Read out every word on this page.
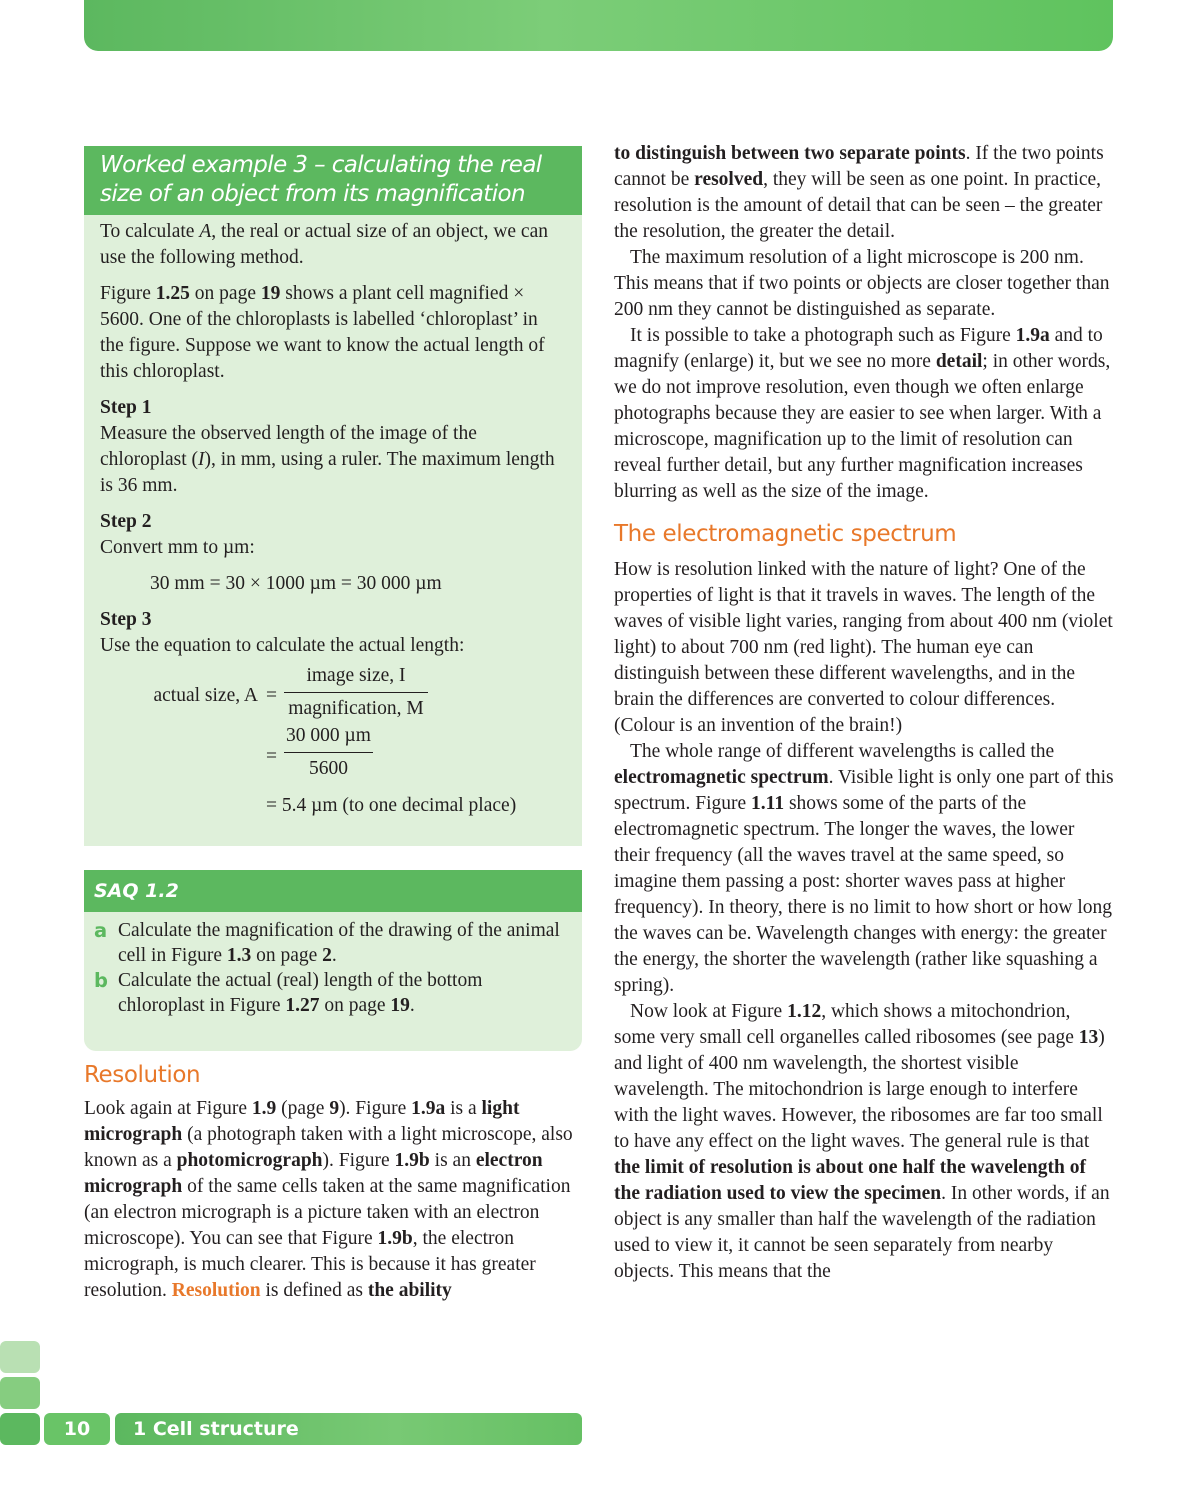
Worked example 3 – calculating the real size of an object from its magnification

To calculate A, the real or actual size of an object, we can use the following method.

Figure 1.25 on page 19 shows a plant cell magnified × 5600. One of the chloroplasts is labelled ‘chloroplast’ in the figure. Suppose we want to know the actual length of this chloroplast.

Step 1

Measure the observed length of the image of the chloroplast (I), in mm, using a ruler. The maximum length is 36 mm.

Step 2

Convert mm to µm:

30 mm = 30 × 1000 µm = 30 000 µm

Step 3

Use the equation to calculate the actual length:

actual size, A =
image size, I
magnification, M
=
30 000 µm
5600
= 5.4 µm (to one decimal place)
SAQ 1.2
a Calculate the magnification of the drawing of the animal cell in Figure 1.3 on page 2.
b Calculate the actual (real) length of the bottom chloroplast in Figure 1.27 on page 19.
Resolution

Look again at Figure 1.9 (page 9). Figure 1.9a is a light micrograph (a photograph taken with a light microscope, also known as a photomicrograph). Figure 1.9b is an electron micrograph of the same cells taken at the same magnification (an electron micrograph is a picture taken with an electron microscope). You can see that Figure 1.9b, the electron micrograph, is much clearer. This is because it has greater resolution. Resolution is defined as the ability

to distinguish between two separate points. If the two points cannot be resolved, they will be seen as one point. In practice, resolution is the amount of detail that can be seen – the greater the resolution, the greater the detail.

The maximum resolution of a light microscope is 200 nm. This means that if two points or objects are closer together than 200 nm they cannot be distinguished as separate.

It is possible to take a photograph such as Figure 1.9a and to magnify (enlarge) it, but we see no more detail; in other words, we do not improve resolution, even though we often enlarge photographs because they are easier to see when larger. With a microscope, magnification up to the limit of resolution can reveal further detail, but any further magnification increases blurring as well as the size of the image.

The electromagnetic spectrum

How is resolution linked with the nature of light? One of the properties of light is that it travels in waves. The length of the waves of visible light varies, ranging from about 400 nm (violet light) to about 700 nm (red light). The human eye can distinguish between these different wavelengths, and in the brain the differences are converted to colour differences. (Colour is an invention of the brain!)

The whole range of different wavelengths is called the electromagnetic spectrum. Visible light is only one part of this spectrum. Figure 1.11 shows some of the parts of the electromagnetic spectrum. The longer the waves, the lower their frequency (all the waves travel at the same speed, so imagine them passing a post: shorter waves pass at higher frequency). In theory, there is no limit to how short or how long the waves can be. Wavelength changes with energy: the greater the energy, the shorter the wavelength (rather like squashing a spring).

Now look at Figure 1.12, which shows a mitochondrion, some very small cell organelles called ribosomes (see page 13) and light of 400 nm wavelength, the shortest visible wavelength. The mitochondrion is large enough to interfere with the light waves. However, the ribosomes are far too small to have any effect on the light waves. The general rule is that the limit of resolution is about one half the wavelength of the radiation used to view the specimen. In other words, if an object is any smaller than half the wavelength of the radiation used to view it, it cannot be seen separately from nearby objects. This means that the

10	1 Cell structure
